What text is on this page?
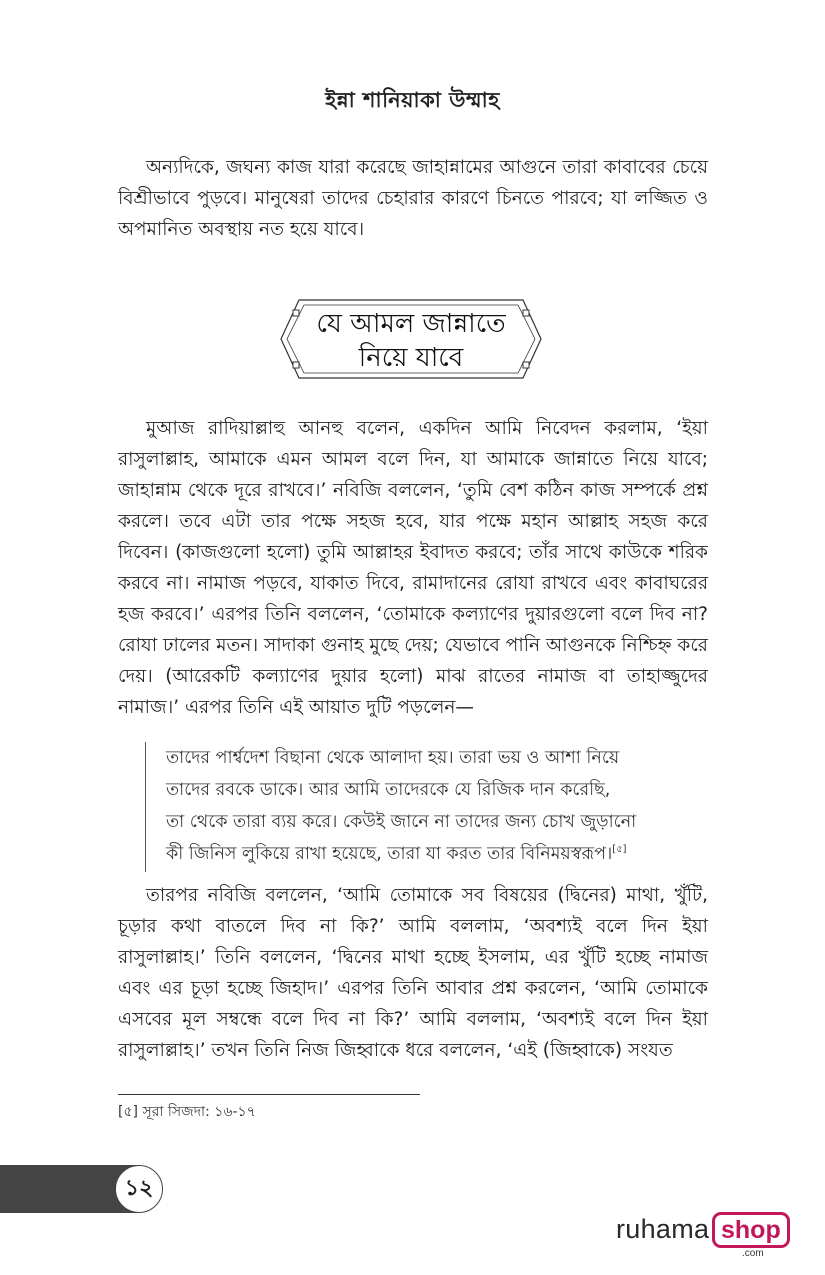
ইন্না শানিয়াকা উম্মাহ

অন্যদিকে, জঘন্য কাজ যারা করেছে জাহান্নামের আগুনে তারা কাবাবের চেয়ে বিশ্রীভাবে পুড়বে। মানুষেরা তাদের চেহারার কারণে চিনতে পারবে; যা লজ্জিত ও অপমানিত অবস্থায় নত হয়ে যাবে।

যে আমল জান্নাতে
নিয়ে যাবে

মুআজ রাদিয়াল্লাহু আনহু বলেন, একদিন আমি নিবেদন করলাম, ‘ইয়া রাসুলাল্লাহ, আমাকে এমন আমল বলে দিন, যা আমাকে জান্নাতে নিয়ে যাবে; জাহান্নাম থেকে দূরে রাখবে।’ নবিজি বললেন, ‘তুমি বেশ কঠিন কাজ সম্পর্কে প্রশ্ন করলে। তবে এটা তার পক্ষে সহজ হবে, যার পক্ষে মহান আল্লাহ সহজ করে দিবেন। (কাজগুলো হলো) তুমি আল্লাহর ইবাদত করবে; তাঁর সাথে কাউকে শরিক করবে না। নামাজ পড়বে, যাকাত দিবে, রামাদানের রোযা রাখবে এবং কাবাঘরের হজ করবে।’ এরপর তিনি বললেন, ‘তোমাকে কল্যাণের দুয়ারগুলো বলে দিব না? রোযা ঢালের মতন। সাদাকা গুনাহ মুছে দেয়; যেভাবে পানি আগুনকে নিশ্চিহ্ন করে দেয়। (আরেকটি কল্যাণের দুয়ার হলো) মাঝ রাতের নামাজ বা তাহাজ্জুদের নামাজ।’ এরপর তিনি এই আয়াত দুটি পড়লেন—

তাদের পার্শ্বদেশ বিছানা থেকে আলাদা হয়। তারা ভয় ও আশা নিয়ে

তাদের রবকে ডাকে। আর আমি তাদেরকে যে রিজিক দান করেছি,

তা থেকে তারা ব্যয় করে। কেউই জানে না তাদের জন্য চোখ জুড়ানো

কী জিনিস লুকিয়ে রাখা হয়েছে, তারা যা করত তার বিনিময়স্বরূপ।[৫]

তারপর নবিজি বললেন, ‘আমি তোমাকে সব বিষয়ের (দ্বিনের) মাথা, খুঁটি, চূড়ার কথা বাতলে দিব না কি?’ আমি বললাম, ‘অবশ্যই বলে দিন ইয়া রাসুলাল্লাহ।’ তিনি বললেন, ‘দ্বিনের মাথা হচ্ছে ইসলাম, এর খুঁটি হচ্ছে নামাজ এবং এর চূড়া হচ্ছে জিহাদ।’ এরপর তিনি আবার প্রশ্ন করলেন, ‘আমি তোমাকে এসবের মূল সম্বন্ধে বলে দিব না কি?’ আমি বললাম, ‘অবশ্যই বলে দিন ইয়া রাসুলাল্লাহ।’ তখন তিনি নিজ জিহ্বাকে ধরে বললেন, ‘এই (জিহ্বাকে) সংযত

[৫] সূরা সিজদা: ১৬-১৭
১২
ruhama shop
.com
